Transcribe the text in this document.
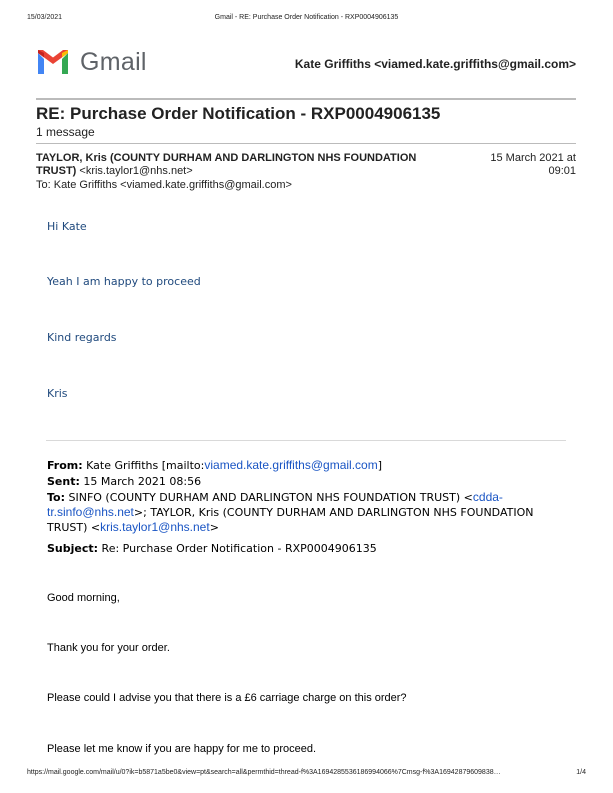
15/03/2021	Gmail - RE: Purchase Order Notification - RXP0004906135
Gmail	Kate Griffiths <viamed.kate.griffiths@gmail.com>
RE: Purchase Order Notification - RXP0004906135
1 message
TAYLOR, Kris (COUNTY DURHAM AND DARLINGTON NHS FOUNDATION TRUST) <kris.taylor1@nhs.net>
15 March 2021 at
09:01
To: Kate Griffiths <viamed.kate.griffiths@gmail.com>
Hi Kate
Yeah I am happy to proceed
Kind regards
Kris
From: Kate Griffiths [mailto:viamed.kate.griffiths@gmail.com]
Sent: 15 March 2021 08:56
To: SINFO (COUNTY DURHAM AND DARLINGTON NHS FOUNDATION TRUST) <cdda-tr.sinfo@nhs.net>; TAYLOR, Kris (COUNTY DURHAM AND DARLINGTON NHS FOUNDATION TRUST) <kris.taylor1@nhs.net>
Subject: Re: Purchase Order Notification - RXP0004906135
Good morning,
Thank you for your order.
Please could I advise you that there is a £6 carriage charge on this order?
Please let me know if you are happy for me to proceed.
https://mail.google.com/mail/u/0?ik=b5871a5be0&view=pt&search=all&permthid=thread-f%3A1694285536186994066%7Cmsg-f%3A16942879609838…	1/4
